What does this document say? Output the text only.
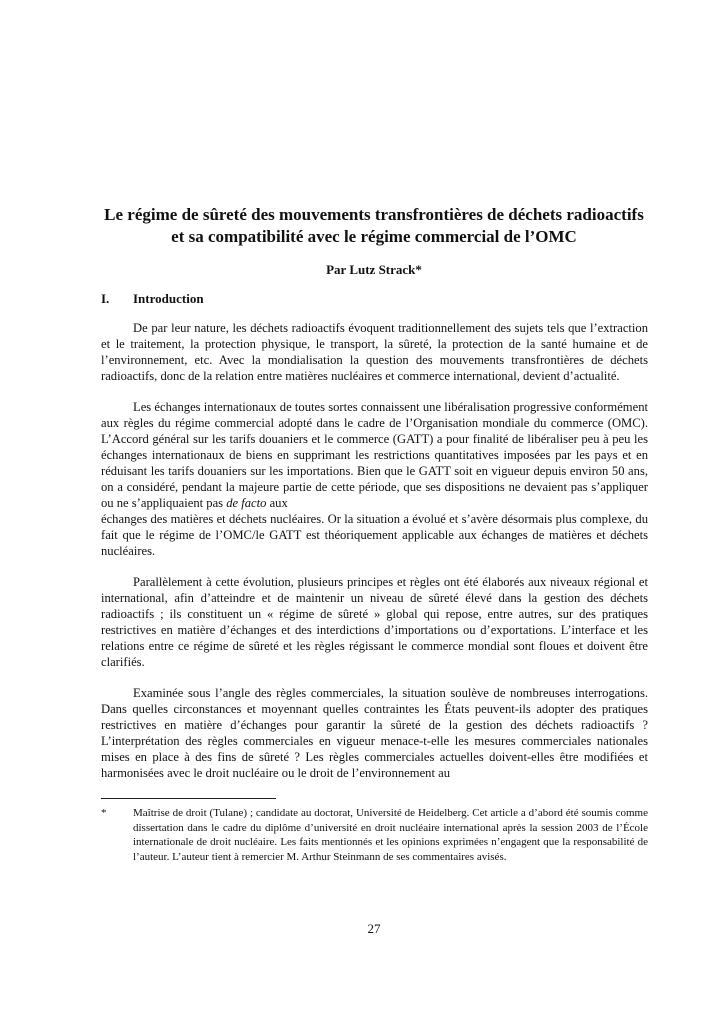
Le régime de sûreté des mouvements transfrontières de déchets radioactifs
et sa compatibilité avec le régime commercial de l’OMC
Par Lutz Strack*
I. Introduction

De par leur nature, les déchets radioactifs évoquent traditionnellement des sujets tels que l’extraction et le traitement, la protection physique, le transport, la sûreté, la protection de la santé humaine et de l’environnement, etc. Avec la mondialisation la question des mouvements transfrontières de déchets radioactifs, donc de la relation entre matières nucléaires et commerce international, devient d’actualité.

Les échanges internationaux de toutes sortes connaissent une libéralisation progressive conformément aux règles du régime commercial adopté dans le cadre de l’Organisation mondiale du commerce (OMC). L’Accord général sur les tarifs douaniers et le commerce (GATT) a pour finalité de libéraliser peu à peu les échanges internationaux de biens en supprimant les restrictions quantitatives imposées par les pays et en réduisant les tarifs douaniers sur les importations. Bien que le GATT soit en vigueur depuis environ 50 ans, on a considéré, pendant la majeure partie de cette période, que ses dispositions ne devaient pas s’appliquer ou ne s’appliquaient pas de facto aux

échanges des matières et déchets nucléaires. Or la situation a évolué et s’avère désormais plus complexe, du fait que le régime de l’OMC/le GATT est théoriquement applicable aux échanges de matières et déchets nucléaires.

Parallèlement à cette évolution, plusieurs principes et règles ont été élaborés aux niveaux régional et international, afin d’atteindre et de maintenir un niveau de sûreté élevé dans la gestion des déchets radioactifs ; ils constituent un « régime de sûreté » global qui repose, entre autres, sur des pratiques restrictives en matière d’échanges et des interdictions d’importations ou d’exportations. L’interface et les relations entre ce régime de sûreté et les règles régissant le commerce mondial sont floues et doivent être clarifiés.

Examinée sous l’angle des règles commerciales, la situation soulève de nombreuses interrogations. Dans quelles circonstances et moyennant quelles contraintes les États peuvent-ils adopter des pratiques restrictives en matière d’échanges pour garantir la sûreté de la gestion des déchets radioactifs ? L’interprétation des règles commerciales en vigueur menace-t-elle les mesures commerciales nationales mises en place à des fins de sûreté ? Les règles commerciales actuelles doivent-elles être modifiées et harmonisées avec le droit nucléaire ou le droit de l’environnement au

* Maîtrise de droit (Tulane) ; candidate au doctorat, Université de Heidelberg. Cet article a d’abord été soumis comme dissertation dans le cadre du diplôme d’université en droit nucléaire international après la session 2003 de l’École internationale de droit nucléaire. Les faits mentionnés et les opinions exprimées n’engagent que la responsabilité de l’auteur. L’auteur tient à remercier M. Arthur Steinmann de ses commentaires avisés.
27
